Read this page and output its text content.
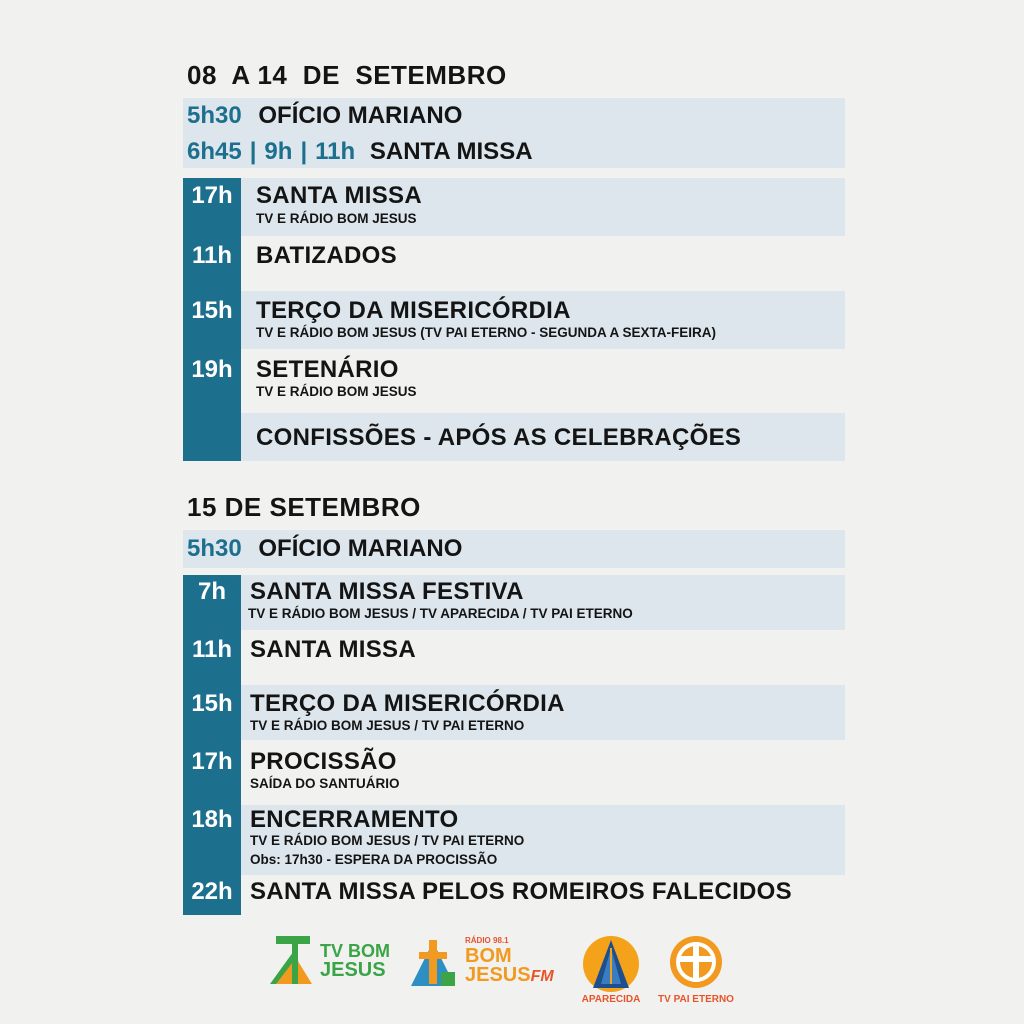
08  A 14  DE  SETEMBRO
5h30 OFÍCIO MARIANO
6h45 | 9h | 11h SANTA MISSA
17h SANTA MISSA
TV E RÁDIO BOM JESUS
11h BATIZADOS
15h TERÇO DA MISERICÓRDIA
TV E RÁDIO BOM JESUS (TV PAI ETERNO - SEGUNDA A SEXTA-FEIRA)
19h SETENÁRIO
TV E RÁDIO BOM JESUS
CONFISSÕES - APÓS AS CELEBRAÇÕES
15 DE SETEMBRO
5h30 OFÍCIO MARIANO
7h	SANTA MISSA FESTIVA
TV E RÁDIO BOM JESUS / TV APARECIDA / TV PAI ETERNO
11h SANTA MISSA
15h TERÇO DA MISERICÓRDIA
TV E RÁDIO BOM JESUS / TV PAI ETERNO
17h PROCISSÃO
SAÍDA DO SANTUÁRIO
18h ENCERRAMENTO
TV E RÁDIO BOM JESUS / TV PAI ETERNO
Obs: 17h30 - ESPERA DA PROCISSÃO
22h SANTA MISSA PELOS ROMEIROS FALECIDOS
TV BOM
JESUS
RÁDIO 98.1
BOM
JESUSFM
APARECIDA	TV PAI ETERNO
